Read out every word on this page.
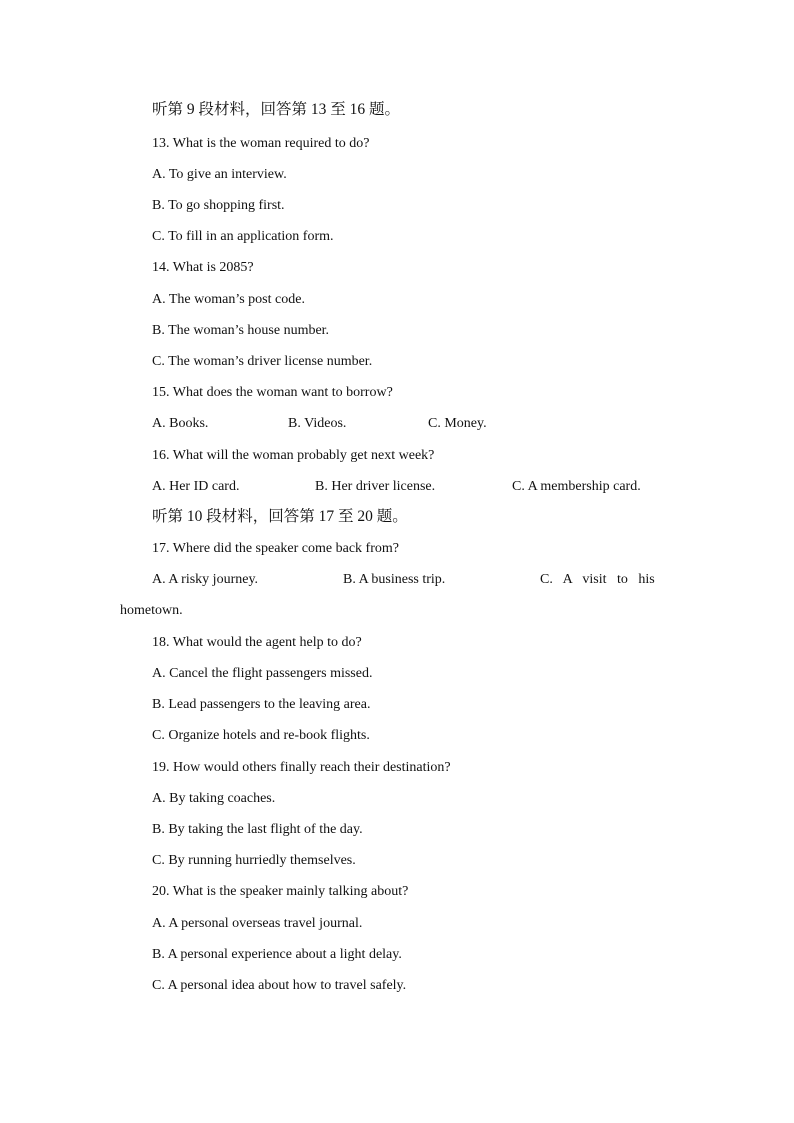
听第 9 段材料，回答第 13 至 16 题。
13. What is the woman required to do?
A. To give an interview.
B. To go shopping first.
C. To fill in an application form.
14. What is 2085?
A. The woman’s post code.
B. The woman’s house number.
C. The woman’s driver license number.
15. What does the woman want to borrow?
A. Books.	B. Videos.	C. Money.
16. What will the woman probably get next week?
A. Her ID card.	B. Her driver license.	C. A membership card.
听第 10 段材料，回答第 17 至 20 题。
17. Where did the speaker come back from?
A. A risky journey.	B. A business trip.	C.   A   visit   to   his
hometown.
18. What would the agent help to do?
A. Cancel the flight passengers missed.
B. Lead passengers to the leaving area.
C. Organize hotels and re-book flights.
19. How would others finally reach their destination?
A. By taking coaches.
B. By taking the last flight of the day.
C. By running hurriedly themselves.
20. What is the speaker mainly talking about?
A. A personal overseas travel journal.
B. A personal experience about a light delay.
C. A personal idea about how to travel safely.
